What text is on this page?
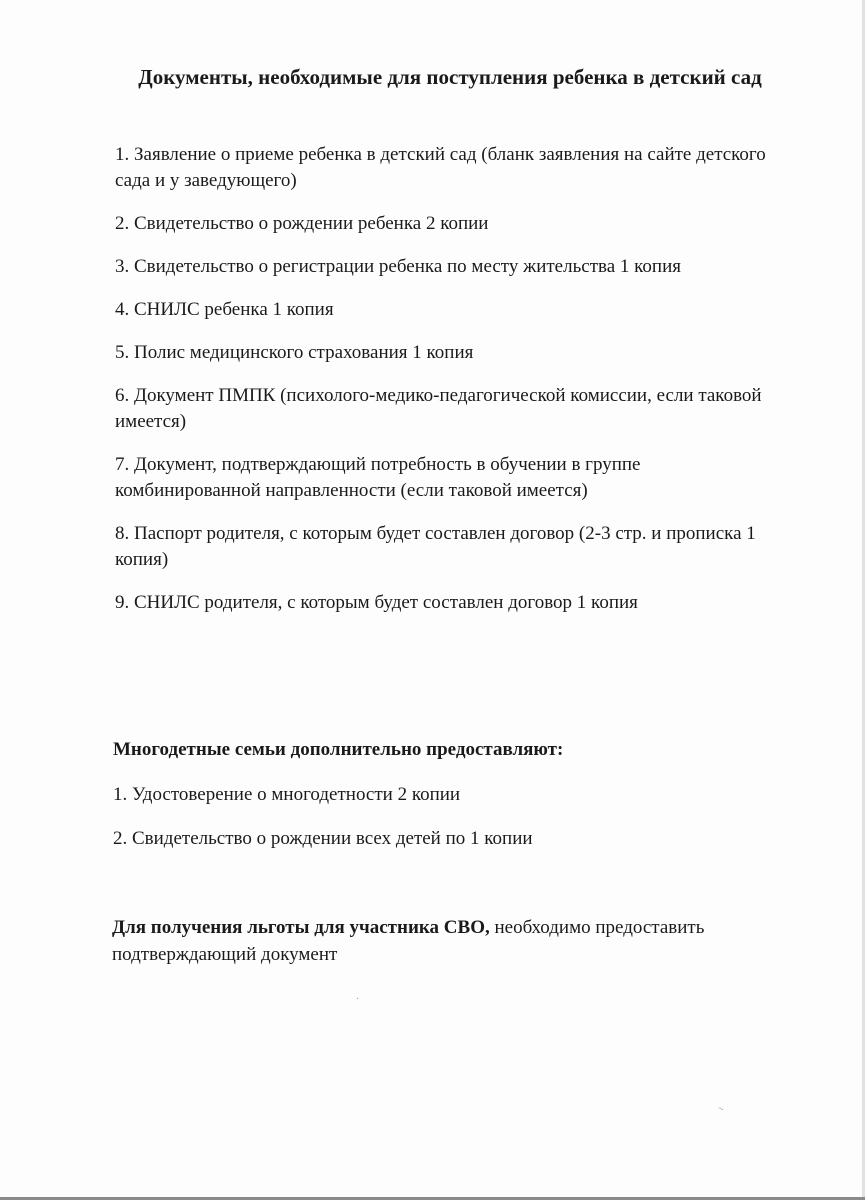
Документы, необходимые для поступления ребенка в детский сад
1. Заявление о приеме ребенка в детский сад (бланк заявления на сайте детского сада и у заведующего)
2. Свидетельство о рождении ребенка 2 копии
3. Свидетельство о регистрации ребенка по месту жительства 1 копия
4. СНИЛС ребенка 1 копия
5. Полис медицинского страхования 1 копия
6. Документ ПМПК (психолого-медико-педагогической комиссии, если таковой имеется)
7. Документ, подтверждающий потребность в обучении в группе комбинированной направленности (если таковой имеется)
8. Паспорт родителя, с которым будет составлен договор (2-3 стр. и прописка 1 копия)
9. СНИЛС родителя, с которым будет составлен договор 1 копия
Многодетные семьи дополнительно предоставляют:
1. Удостоверение о многодетности 2 копии
2. Свидетельство о рождении всех детей по 1 копии
Для получения льготы для участника СВО, необходимо предоставить подтверждающий документ
·
~
